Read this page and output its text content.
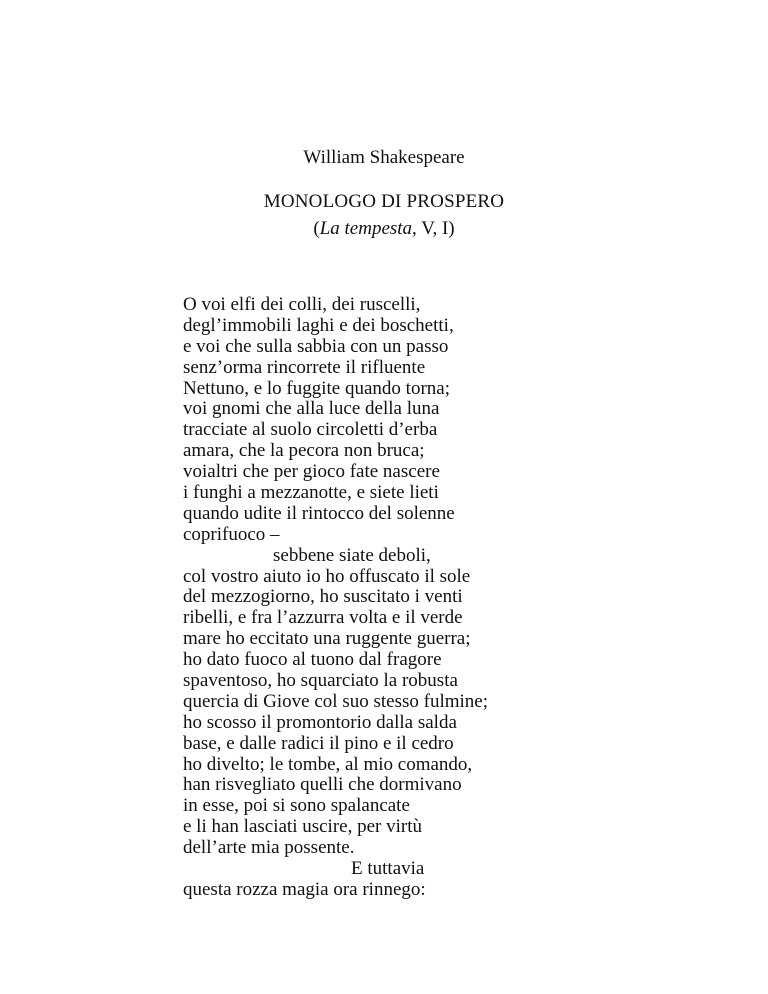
William Shakespeare
MONOLOGO DI PROSPERO
(La tempesta, V, I)
O voi elfi dei colli, dei ruscelli,
degl’immobili laghi e dei boschetti,
e voi che sulla sabbia con un passo
senz’orma rincorrete il rifluente
Nettuno, e lo fuggite quando torna;
voi gnomi che alla luce della luna
tracciate al suolo circoletti d’erba
amara, che la pecora non bruca;
voialtri che per gioco fate nascere
i funghi a mezzanotte, e siete lieti
quando udite il rintocco del solenne
coprifuoco –
sebbene siate deboli,
col vostro aiuto io ho offuscato il sole
del mezzogiorno, ho suscitato i venti
ribelli, e fra l’azzurra volta e il verde
mare ho eccitato una ruggente guerra;
ho dato fuoco al tuono dal fragore
spaventoso, ho squarciato la robusta
quercia di Giove col suo stesso fulmine;
ho scosso il promontorio dalla salda
base, e dalle radici il pino e il cedro
ho divelto; le tombe, al mio comando,
han risvegliato quelli che dormivano
in esse, poi si sono spalancate
e li han lasciati uscire, per virtù
dell’arte mia possente.
E tuttavia
questa rozza magia ora rinnego:
